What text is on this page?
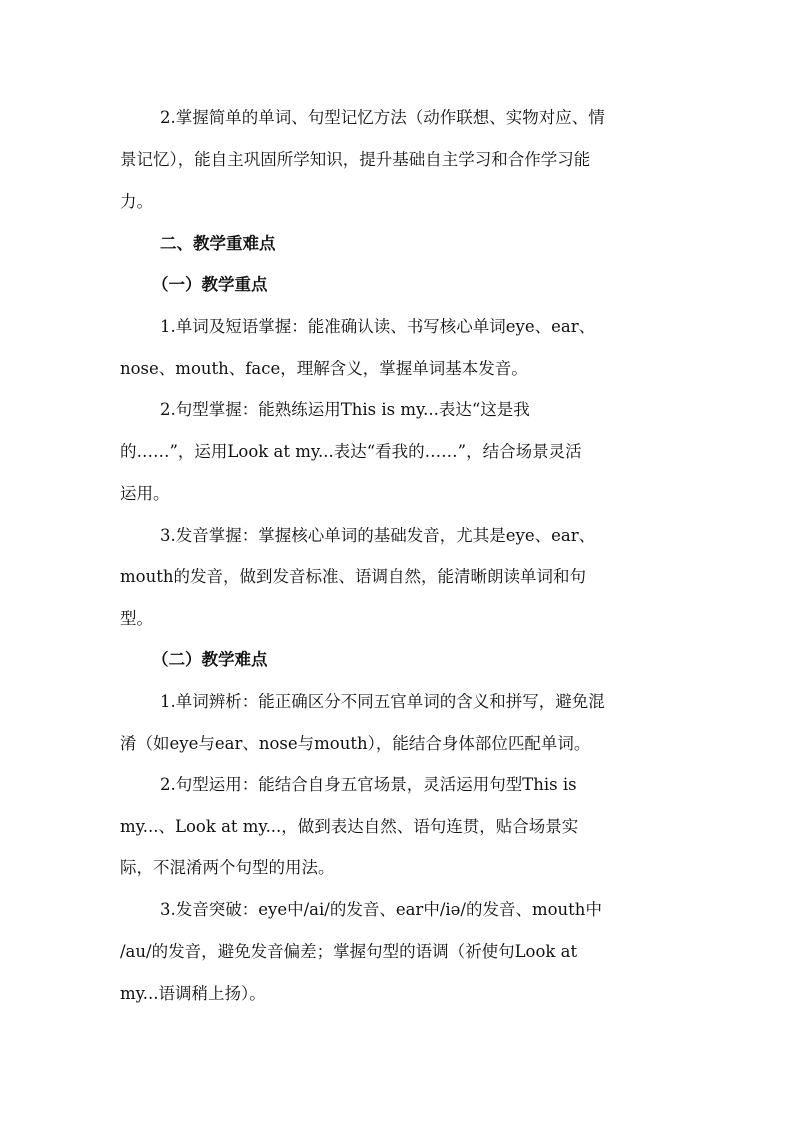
2.掌握简单的单词、句型记忆方法（动作联想、实物对应、情

景记忆），能自主巩固所学知识，提升基础自主学习和合作学习能

力。

二、教学重难点

（一）教学重点

1.单词及短语掌握：能准确认读、书写核心单词eye、ear、

nose、mouth、face，理解含义，掌握单词基本发音。

2.句型掌握：能熟练运用This is my...表达“这是我

的……”，运用Look at my...表达“看我的……”，结合场景灵活

运用。

3.发音掌握：掌握核心单词的基础发音，尤其是eye、ear、

mouth的发音，做到发音标准、语调自然，能清晰朗读单词和句

型。

（二）教学难点

1.单词辨析：能正确区分不同五官单词的含义和拼写，避免混

淆（如eye与ear、nose与mouth），能结合身体部位匹配单词。

2.句型运用：能结合自身五官场景，灵活运用句型This is

my...、Look at my...，做到表达自然、语句连贯，贴合场景实

际，不混淆两个句型的用法。

3.发音突破：eye中/ai/的发音、ear中/iə/的发音、mouth中

/au/的发音，避免发音偏差；掌握句型的语调（祈使句Look at

my...语调稍上扬）。
